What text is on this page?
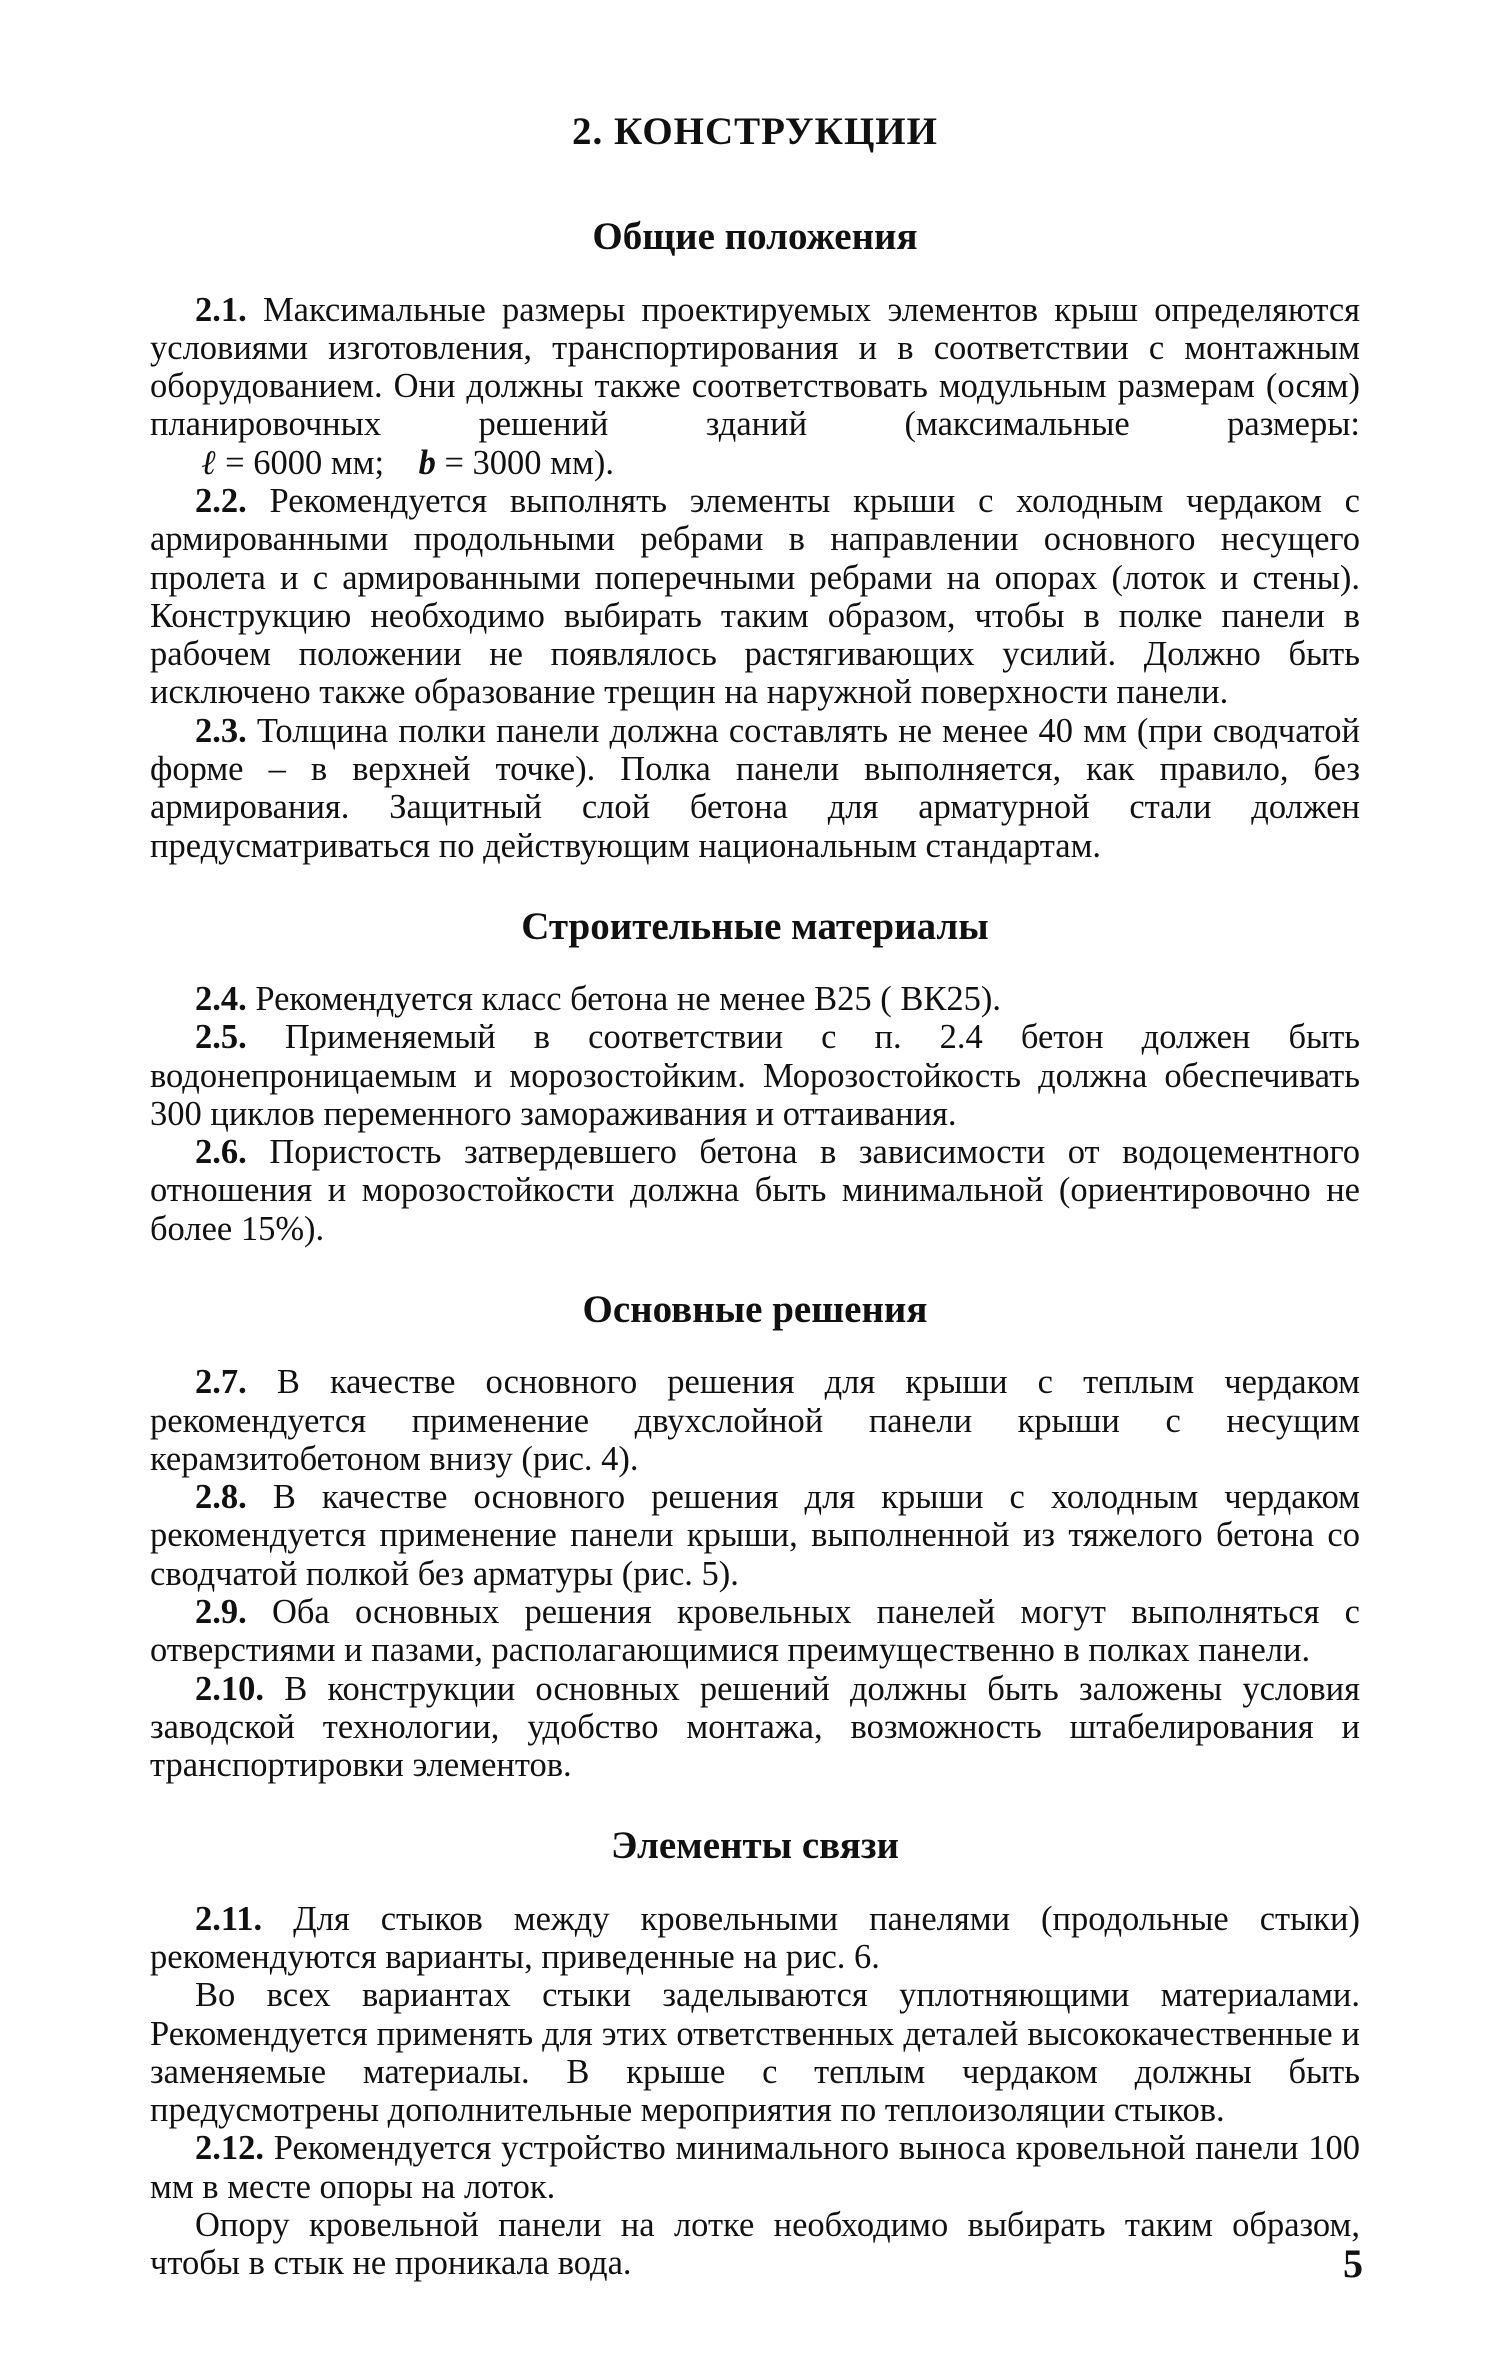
2. КОНСТРУКЦИИ
Общие положения

2.1. Максимальные размеры проектируемых элементов крыш определяются условиями изготовления, транспортирования и в соответствии с монтажным оборудованием. Они должны также соответствовать модульным размерам (осям) планировочных решений зданий (максимальные размеры:      ℓ = 6000 мм; b = 3000 мм).

2.2. Рекомендуется выполнять элементы крыши с холодным чердаком с армированными продольными ребрами в направлении основного несущего пролета и с армированными поперечными ребрами на опорах (лоток и стены). Конструкцию необходимо выбирать таким образом, чтобы в полке панели в рабочем положении не появлялось растягивающих усилий. Должно быть исключено также образование трещин на наружной поверхности панели.

2.3. Толщина полки панели должна составлять не менее 40 мм (при сводчатой форме – в верхней точке). Полка панели выполняется, как правило, без армирования. Защитный слой бетона для арматурной стали должен предусматриваться по действующим национальным стандартам.

Строительные материалы

2.4. Рекомендуется класс бетона не менее В25 ( ВК25).

2.5. Применяемый в соответствии с п. 2.4 бетон должен быть водонепроницаемым и морозостойким. Морозостойкость должна обеспечивать 300 циклов переменного замораживания и оттаивания.

2.6. Пористость затвердевшего бетона в зависимости от водоцементного отношения и морозостойкости должна быть минимальной (ориентировочно не более 15%).

Основные решения

2.7. В качестве основного решения для крыши с теплым чердаком рекомендуется применение двухслойной панели крыши с несущим керамзитобетоном внизу (рис. 4).

2.8. В качестве основного решения для крыши с холодным чердаком рекомендуется применение панели крыши, выполненной из тяжелого бетона со сводчатой полкой без арматуры (рис. 5).

2.9. Оба основных решения кровельных панелей могут выполняться с отверстиями и пазами, располагающимися преимущественно в полках панели.

2.10. В конструкции основных решений должны быть заложены условия заводской технологии, удобство монтажа, возможность штабелирования и транспортировки элементов.

Элементы связи

2.11. Для стыков между кровельными панелями (продольные стыки) рекомендуются варианты, приведенные на рис. 6.

Во всех вариантах стыки заделываются уплотняющими материалами. Рекомендуется применять для этих ответственных деталей высококачественные и заменяемые материалы. В крыше с теплым чердаком должны быть предусмотрены дополнительные мероприятия по теплоизоляции стыков.

2.12. Рекомендуется устройство минимального выноса кровельной панели 100 мм в месте опоры на лоток.

Опору кровельной панели на лотке необходимо выбирать таким образом, чтобы в стык не проникала вода.	5
